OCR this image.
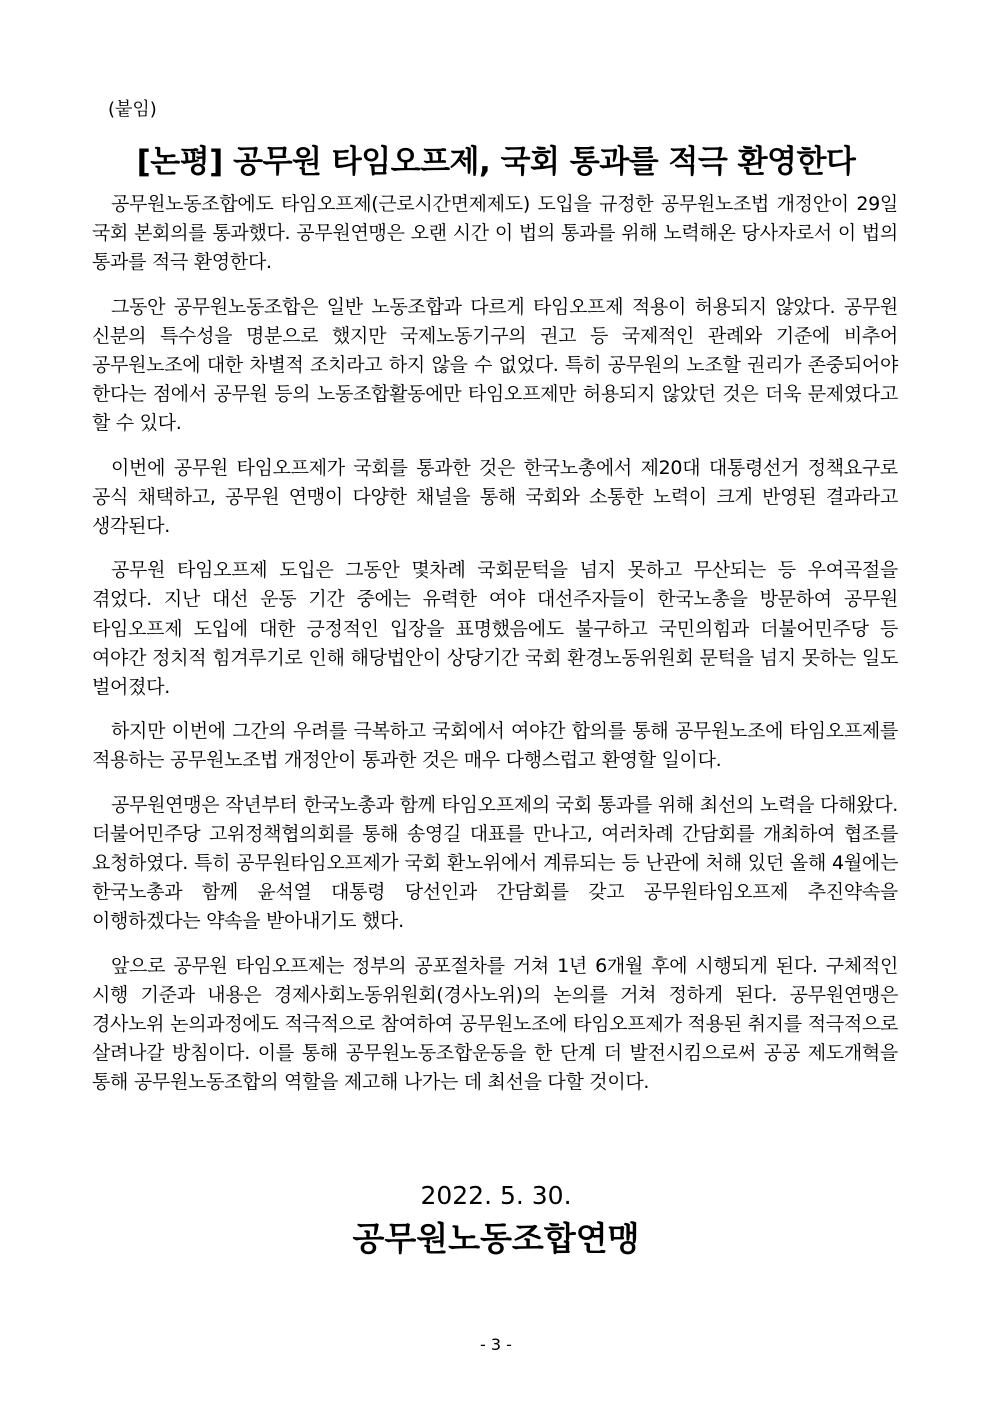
(붙임)
[논평] 공무원 타임오프제, 국회 통과를 적극 환영한다

공무원노동조합에도 타임오프제(근로시간면제제도) 도입을 규정한 공무원노조법 개정안이 29일 국회 본회의를 통과했다. 공무원연맹은 오랜 시간 이 법의 통과를 위해 노력해온 당사자로서 이 법의 통과를 적극 환영한다.

그동안 공무원노동조합은 일반 노동조합과 다르게 타임오프제 적용이 허용되지 않았다. 공무원 신분의 특수성을 명분으로 했지만 국제노동기구의 권고 등 국제적인 관례와 기준에 비추어 공무원노조에 대한 차별적 조치라고 하지 않을 수 없었다. 특히 공무원의 노조할 권리가 존중되어야 한다는 점에서 공무원 등의 노동조합활동에만 타임오프제만 허용되지 않았던 것은 더욱 문제였다고 할 수 있다.

이번에 공무원 타임오프제가 국회를 통과한 것은 한국노총에서 제20대 대통령선거 정책요구로 공식 채택하고, 공무원 연맹이 다양한 채널을 통해 국회와 소통한 노력이 크게 반영된 결과라고 생각된다.

공무원 타임오프제 도입은 그동안 몇차례 국회문턱을 넘지 못하고 무산되는 등 우여곡절을 겪었다. 지난 대선 운동 기간 중에는 유력한 여야 대선주자들이 한국노총을 방문하여 공무원 타임오프제 도입에 대한 긍정적인 입장을 표명했음에도 불구하고 국민의힘과 더불어민주당 등 여야간 정치적 힘겨루기로 인해 해당법안이 상당기간 국회 환경노동위원회 문턱을 넘지 못하는 일도 벌어졌다.

하지만 이번에 그간의 우려를 극복하고 국회에서 여야간 합의를 통해 공무원노조에 타임오프제를 적용하는 공무원노조법 개정안이 통과한 것은 매우 다행스럽고 환영할 일이다.

공무원연맹은 작년부터 한국노총과 함께 타임오프제의 국회 통과를 위해 최선의 노력을 다해왔다. 더불어민주당 고위정책협의회를 통해 송영길 대표를 만나고, 여러차례 간담회를 개최하여 협조를 요청하였다. 특히 공무원타임오프제가 국회 환노위에서 계류되는 등 난관에 처해 있던 올해 4월에는 한국노총과 함께 윤석열 대통령 당선인과 간담회를 갖고 공무원타임오프제 추진약속을 이행하겠다는 약속을 받아내기도 했다.

앞으로 공무원 타임오프제는 정부의 공포절차를 거쳐 1년 6개월 후에 시행되게 된다. 구체적인 시행 기준과 내용은 경제사회노동위원회(경사노위)의 논의를 거쳐 정하게 된다. 공무원연맹은 경사노위 논의과정에도 적극적으로 참여하여 공무원노조에 타임오프제가 적용된 취지를 적극적으로 살려나갈 방침이다. 이를 통해 공무원노동조합운동을 한 단계 더 발전시킴으로써 공공 제도개혁을 통해 공무원노동조합의 역할을 제고해 나가는 데 최선을 다할 것이다.

2022. 5. 30.
공무원노동조합연맹
- 3 -
